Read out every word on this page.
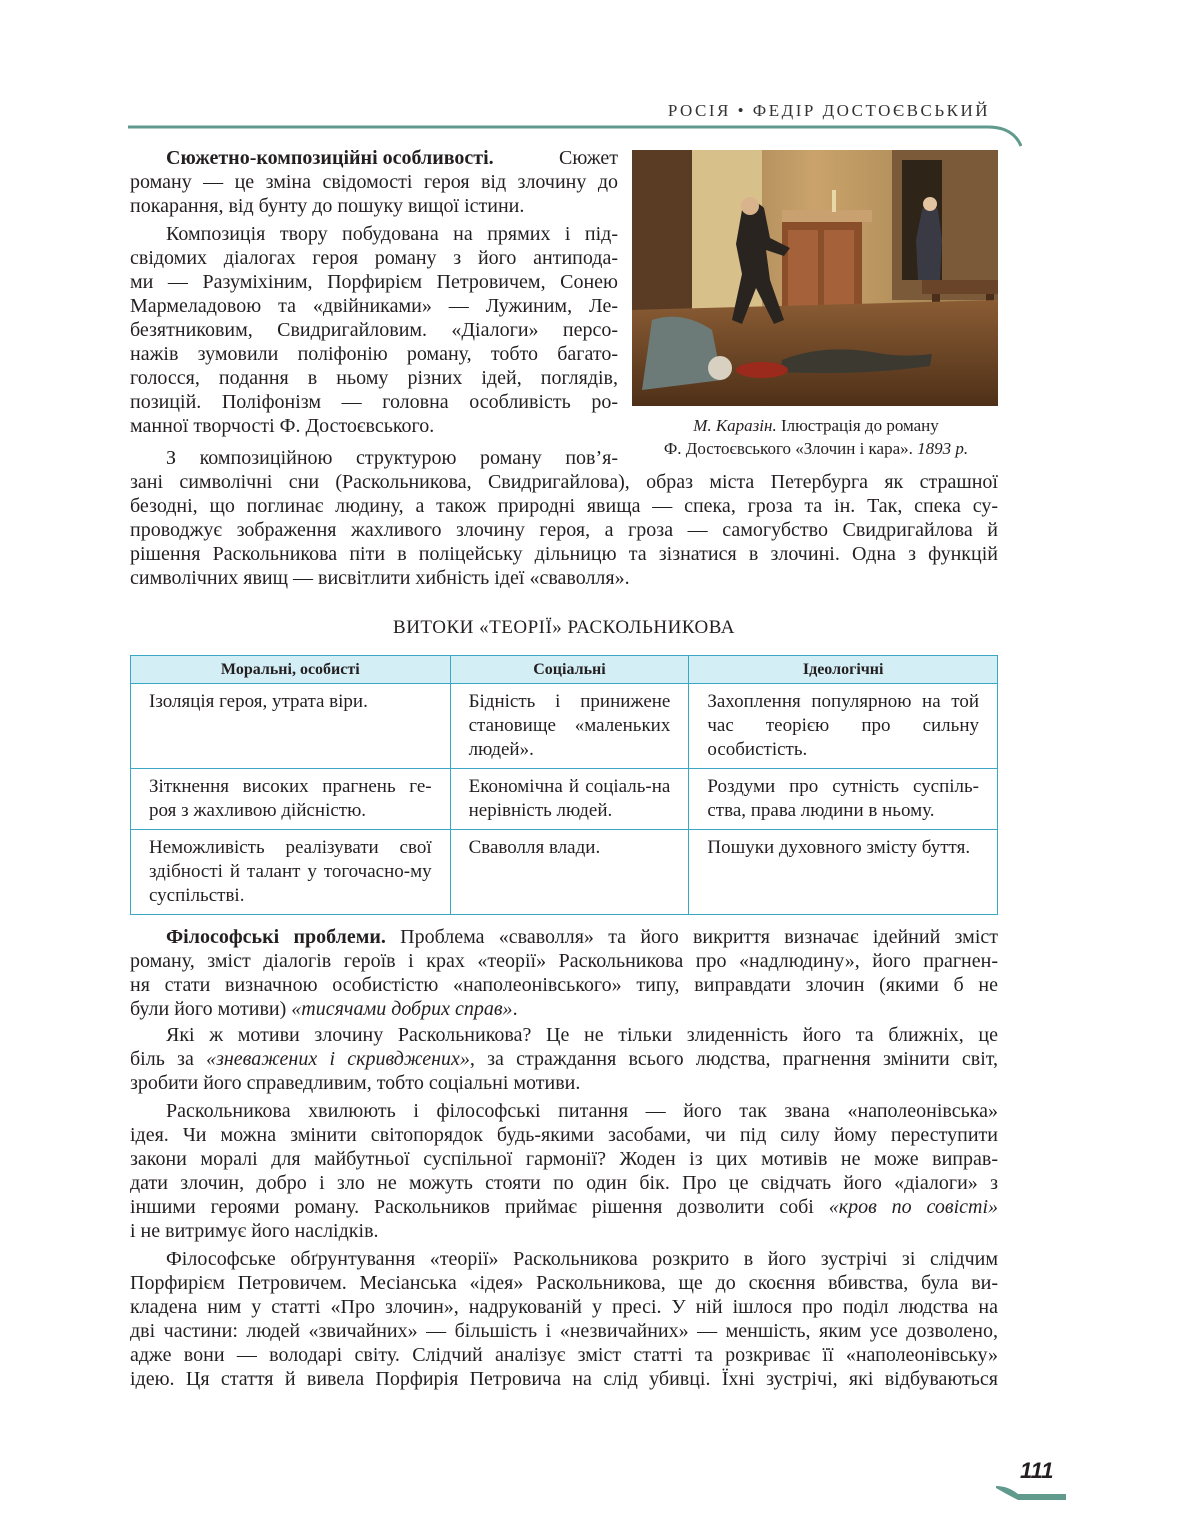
РОСІЯ • ФЕДІР ДОСТОЄВСЬКИЙ
Сюжетно-композиційні особливості.	Сюжет
роману — це зміна свідомості героя від злочину до
покарання, від бунту до пошуку вищої істини.
Композиція твору побудована на прямих і під-
свідомих діалогах героя роману з його антипода-
ми — Разуміхіним, Порфирієм Петровичем, Сонею
Мармеладовою та «двійниками» — Лужиним, Ле-
безятниковим, Свидригайловим. «Діалоги» персо-
нажів зумовили поліфонію роману, тобто багато-
голосся, подання в ньому різних ідей, поглядів,
позицій. Поліфонізм — головна особливість ро-
манної творчості Ф. Достоєвського.
З композиційною структурою роману пов’я-
зані символічні сни (Раскольникова, Свидригайлова), образ міста Петербурга як страшної
безодні, що поглинає людину, а також природні явища — спека, гроза та ін. Так, спека су-
проводжує зображення жахливого злочину героя, а гроза — самогубство Свидригайлова й
рішення Раскольникова піти в поліцейську дільницю та зізнатися в злочині. Одна з функцій
символічних явищ — висвітлити хибність ідеї «сваволля».
М. Каразін. Ілюстрація до роману
Ф. Достоєвського «Злочин і кара». 1893 р.
ВИТОКИ «ТЕОРІЇ» РАСКОЛЬНИКОВА
Моральні, особисті	Соціальні	Ідеологічні
Ізоляція героя, утрата віри.	Бідність і принижене становище «маленьких людей».	Захоплення популярною на той час теорією про сильну особистість.
Зіткнення високих прагнень ге- роя з жахливою дійснiстю.	Економічна й соціаль-на нерівність людей.	Роздуми про сутність суспіль-ства, права людини в ньому.
Неможливість реалізувати свої здібності й талант у тогочасно-му суспільстві.	Сваволля влади.	Пошуки духовного змісту буття.
Філософські проблеми. Проблема «сваволля» та його викриття визначає ідейний зміст
роману, зміст діалогів героїв і крах «теорії» Раскольникова про «надлюдину», його прагнен-
ня стати визначною особистістю «наполеонівського» типу, виправдати злочин (якими б не
були його мотиви) «тисячами добрих справ».
Які ж мотиви злочину Раскольникова? Це не тільки злиденність його та ближніх, це
біль за «зневажених і скривджених», за страждання всього людства, прагнення змінити світ,
зробити його справедливим, тобто соціальні мотиви.
Раскольникова хвилюють і філософські питання — його так звана «наполеонівська»
ідея. Чи можна змінити світопорядок будь-якими засобами, чи під силу йому переступити
закони моралі для майбутньої суспільної гармонії? Жоден із цих мотивів не може виправ-
дати злочин, добро і зло не можуть стояти по один бік. Про це свідчать його «діалоги» з
іншими героями роману. Раскольников приймає рішення дозволити собі «кров по совісті»
і не витримує його наслідків.
Філософське обґрунтування «теорії» Раскольникова розкрито в його зустрічі зі слідчим
Порфирієм Петровичем. Месіанська «ідея» Раскольникова, ще до скоєння вбивства, була ви-
кладена ним у статті «Про злочин», надрукованій у пресі. У ній ішлося про поділ людства на
дві частини: людей «звичайних» — більшість і «незвичайних» — меншість, яким усе дозволено,
адже вони — володарі світу. Слідчий аналізує зміст статті та розкриває її «наполеонівську»
ідею. Ця стаття й вивела Порфирія Петровича на слід убивці. Їхні зустрічі, які відбуваються
111
